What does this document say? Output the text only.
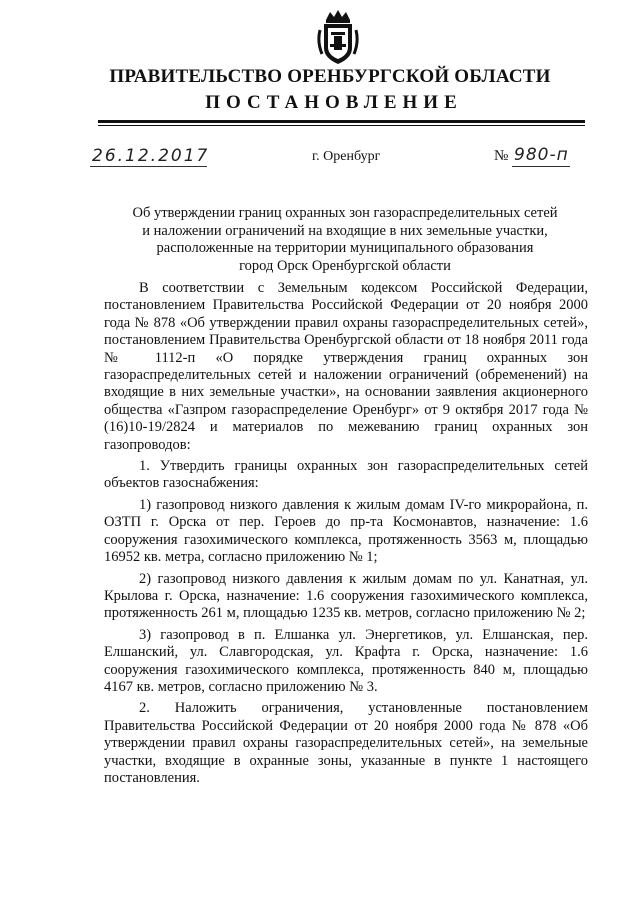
ПРАВИТЕЛЬСТВО ОРЕНБУРГСКОЙ ОБЛАСТИ
ПОСТАНОВЛЕНИЕ
26.12.2017	г. Оренбург	№ 980-п
Об утверждении границ охранных зон газораспределительных сетей
и наложении ограничений на входящие в них земельные участки,
расположенные на территории муниципального образования
город Орск Оренбургской области

В соответствии с Земельным кодексом Российской Федерации, постановлением Правительства Российской Федерации от 20 ноября 2000 года № 878 «Об утверждении правил охраны газораспределительных сетей», постановлением Правительства Оренбургской области от 18 ноября 2011 года № 1112-п «О порядке утверждения границ охранных зон газораспределительных сетей и наложении ограничений (обременений) на входящие в них земельные участки», на основании заявления акционерного общества «Газпром газораспределение Оренбург» от 9 октября 2017 года № (16)10-19/2824 и материалов по межеванию границ охранных зон газопроводов:

1. Утвердить границы охранных зон газораспределительных сетей объектов газоснабжения:

1) газопровод низкого давления к жилым домам IV-го микрорайона, п. ОЗТП г. Орска от пер. Героев до пр-та Космонавтов, назначение: 1.6 сооружения газохимического комплекса, протяженность 3563 м, площадью 16952 кв. метра, согласно приложению № 1;

2) газопровод низкого давления к жилым домам по ул. Канатная, ул. Крылова г. Орска, назначение: 1.6 сооружения газохимического комплекса, протяженность 261 м, площадью 1235 кв. метров, согласно приложению № 2;

3) газопровод в п. Елшанка ул. Энергетиков, ул. Елшанская, пер. Елшанский, ул. Славгородская, ул. Крафта г. Орска, назначение: 1.6 сооружения газохимического комплекса, протяженность 840 м, площадью 4167 кв. метров, согласно приложению № 3.

2. Наложить ограничения, установленные постановлением Правительства Российской Федерации от 20 ноября 2000 года № 878 «Об утверждении правил охраны газораспределительных сетей», на земельные участки, входящие в охранные зоны, указанные в пункте 1 настоящего постановления.
